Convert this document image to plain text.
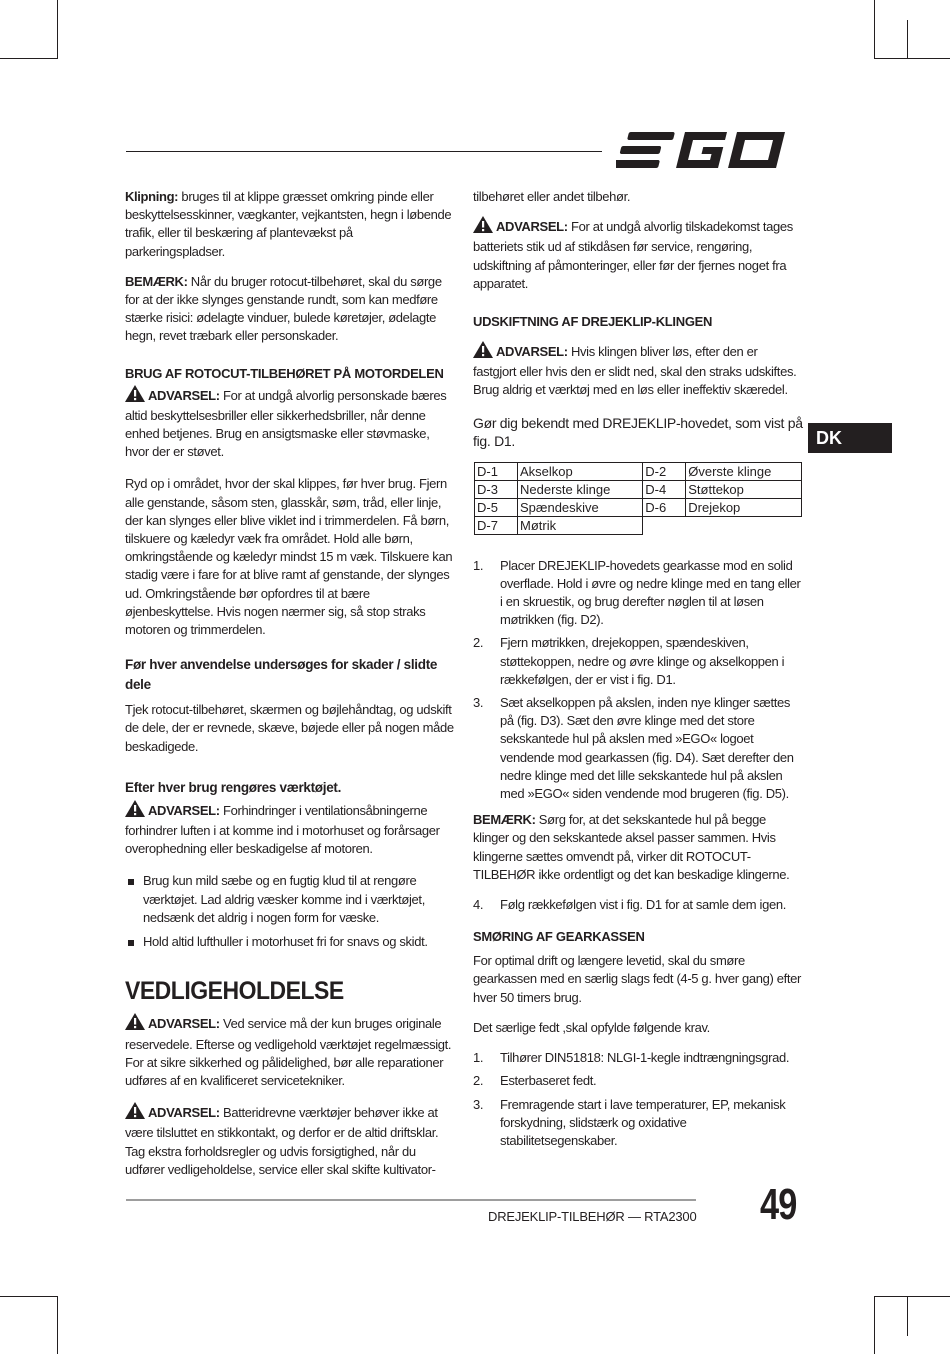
DK

Klipning: bruges til at klippe græsset omkring pinde eller beskyttelsesskinner, vægkanter, vejkantsten, hegn i løbende trafik, eller til beskæring af plantevækst på parkeringspladser.

BEMÆRK: Når du bruger rotocut-tilbehøret, skal du sørge for at der ikke slynges genstande rundt, som kan medføre stærke risici: ødelagte vinduer, bulede køretøjer, ødelagte hegn, revet træbark eller personskader.

BRUG AF ROTOCUT-TILBEHØRET PÅ MOTORDELEN

ADVARSEL: For at undgå alvorlig personskade bæres altid beskyttelsesbriller eller sikkerhedsbriller, når denne enhed betjenes. Brug en ansigtsmaske eller støvmaske, hvor der er støvet.

Ryd op i området, hvor der skal klippes, før hver brug. Fjern alle genstande, såsom sten, glasskår, søm, tråd, eller linje, der kan slynges eller blive viklet ind i trimmerdelen. Få børn, tilskuere og kæledyr væk fra området. Hold alle børn, omkringstående og kæledyr mindst 15 m væk. Tilskuere kan stadig være i fare for at blive ramt af genstande, der slynges ud. Omkringstående bør opfordres til at bære øjenbeskyttelse. Hvis nogen nærmer sig, så stop straks motoren og trimmerdelen.

Før hver anvendelse undersøges for skader / slidte dele

Tjek rotocut-tilbehøret, skærmen og bøjlehåndtag, og udskift de dele, der er revnede, skæve, bøjede eller på nogen måde beskadigede.

Efter hver brug rengøres værktøjet.

ADVARSEL: Forhindringer i ventilationsåbningerne forhindrer luften i at komme ind i motorhuset og forårsager overophedning eller beskadigelse af motoren.

Brug kun mild sæbe og en fugtig klud til at rengøre værktøjet. Lad aldrig væsker komme ind i værktøjet, nedsænk det aldrig i nogen form for væske.
Hold altid lufthuller i motorhuset fri for snavs og skidt.
VEDLIGEHOLDELSE

ADVARSEL: Ved service må der kun bruges originale reservedele. Efterse og vedligehold værktøjet regelmæssigt. For at sikre sikkerhed og pålidelighed, bør alle reparationer udføres af en kvalificeret servicetekniker.

ADVARSEL: Batteridrevne værktøjer behøver ikke at være tilsluttet en stikkontakt, og derfor er de altid driftsklar. Tag ekstra forholdsregler og udvis forsigtighed, når du udfører vedligeholdelse, service eller skal skifte kultivator-

tilbehøret eller andet tilbehør.

ADVARSEL: For at undgå alvorlig tilskadekomst tages batteriets stik ud af stikdåsen før service, rengøring, udskiftning af påmonteringer, eller før der fjernes noget fra apparatet.

UDSKIFTNING AF DREJEKLIP-KLINGEN

ADVARSEL: Hvis klingen bliver løs, efter den er fastgjort eller hvis den er slidt ned, skal den straks udskiftes. Brug aldrig et værktøj med en løs eller ineffektiv skæredel.

Gør dig bekendt med DREJEKLIP-hovedet, som vist på fig. D1.

D-1	Akselkop	D-2	Øverste klinge
D-3	Nederste klinge	D-4	Støttekop
D-5	Spændeskive	D-6	Drejekop
D-7	Møtrik		
1. Placer DREJEKLIP-hovedets gearkasse mod en solid overflade. Hold i øvre og nedre klinge med en tang eller i en skruestik, og brug derefter nøglen til at løsen møtrikken (fig. D2).
2. Fjern møtrikken, drejekoppen, spændeskiven, støttekoppen, nedre og øvre klinge og akselkoppen i rækkefølgen, der er vist i fig. D1.
3. Sæt akselkoppen på akslen, inden nye klinger sættes på (fig. D3). Sæt den øvre klinge med det store sekskantede hul på akslen med »EGO« logoet vendende mod gearkassen (fig. D4). Sæt derefter den nedre klinge med det lille sekskantede hul på akslen med »EGO« siden vendende mod brugeren (fig. D5).

BEMÆRK: Sørg for, at det sekskantede hul på begge klinger og den sekskantede aksel passer sammen. Hvis klingerne sættes omvendt på, virker dit ROTOCUT-TILBEHØR ikke ordentligt og det kan beskadige klingerne.

4. Følg rækkefølgen vist i fig. D1 for at samle dem igen.
SMØRING AF GEARKASSEN

For optimal drift og længere levetid, skal du smøre gearkassen med en særlig slags fedt (4-5 g. hver gang) efter hver 50 timers brug.

Det særlige fedt ,skal opfylde følgende krav.

1. Tilhører DIN51818: NLGI-1-kegle indtrængningsgrad.
2. Esterbaseret fedt.
3. Fremragende start i lave temperaturer, EP, mekanisk forskydning, slidstærk og oxidative stabilitetsegenskaber.
DREJEKLIP-TILBEHØR — RTA2300 49
